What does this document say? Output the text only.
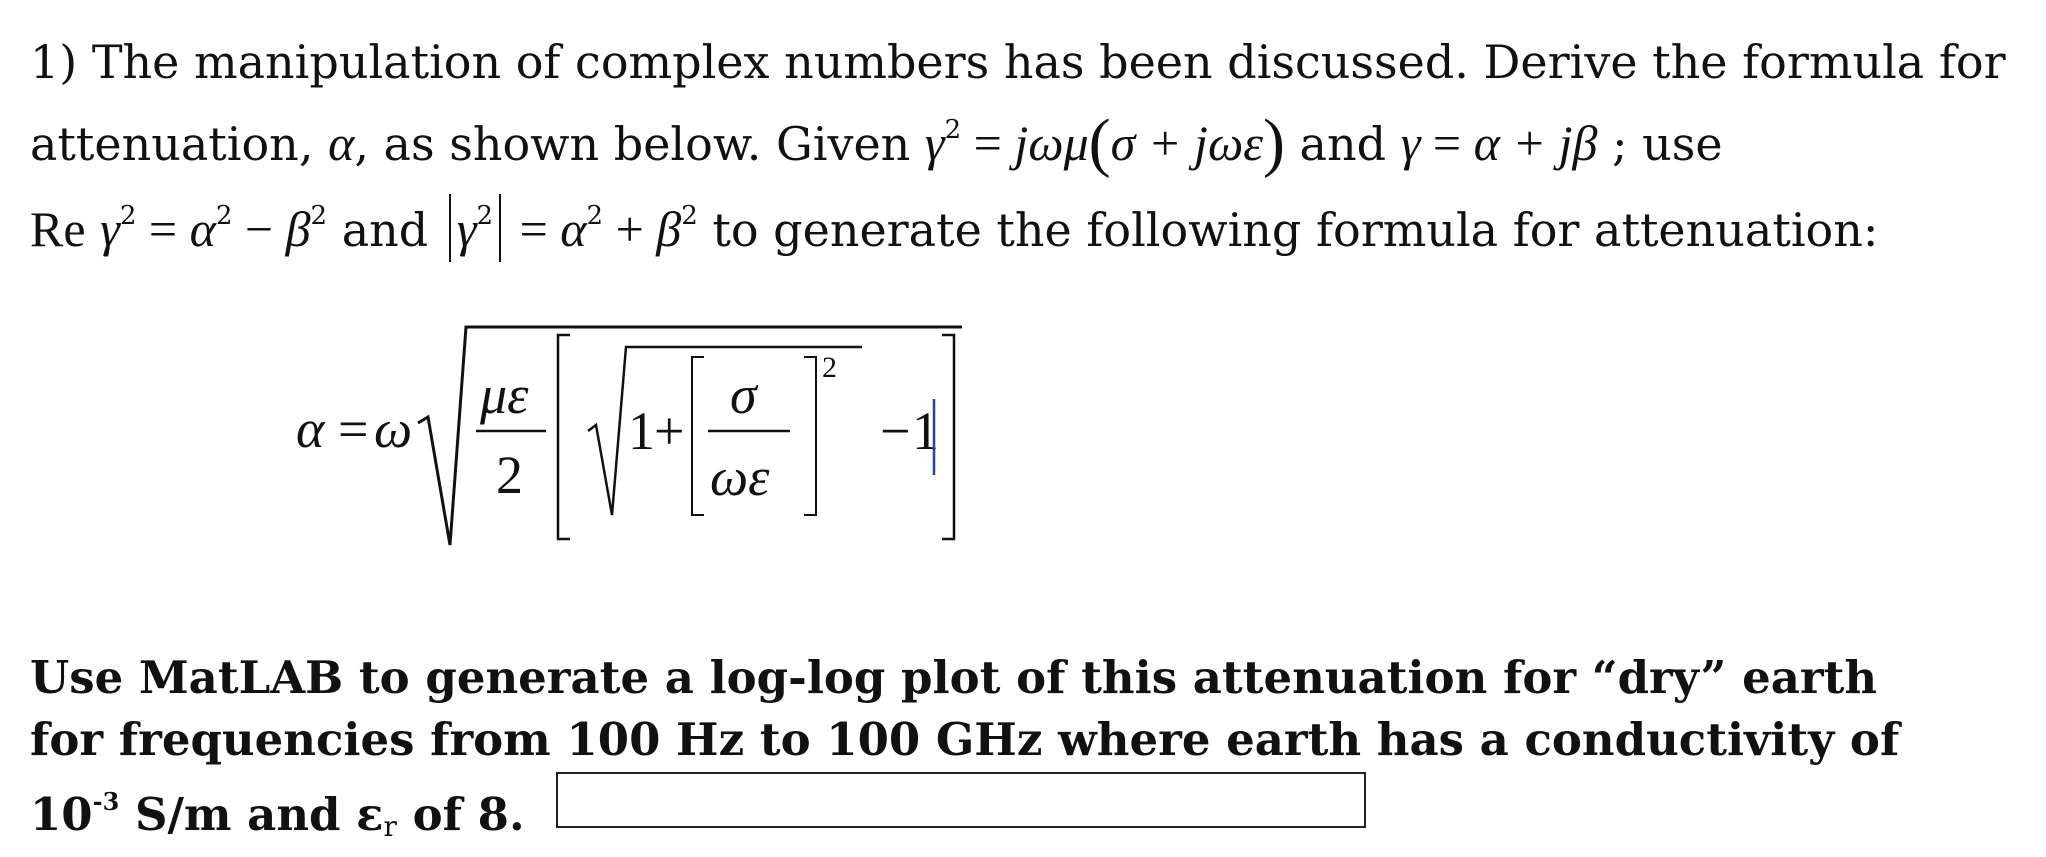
1) The manipulation of complex numbers has been discussed. Derive the formula for
attenuation, α, as shown below. Given $\gamma^2 = j\omega\mu(\sigma + j\omega\varepsilon)$ and γ = α + jβ ; use
Re $\gamma^2 = \alpha^2 - \beta^2$ and $\gamma^2 = \alpha^2 + \beta^2$ to generate the following formula for attenuation:
α = ω
με
2
1 +
σ
ωε
2
− 1
Use MatLAB to generate a log-log plot of this attenuation for “dry” earth
for frequencies from 100 Hz to 100 GHz where earth has a conductivity of
$10^{-3}$ S/m and εr of 8.
